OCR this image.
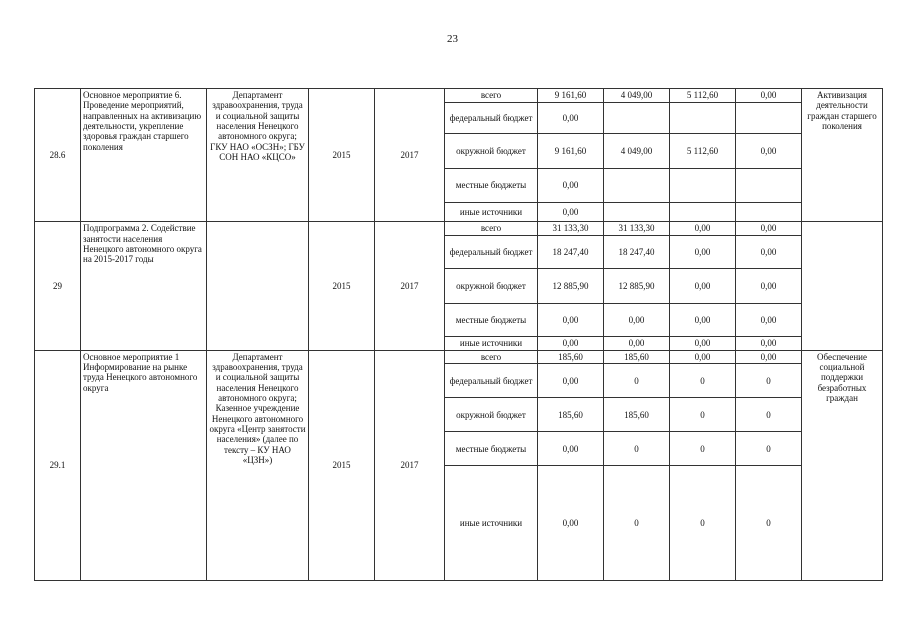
23
28.6	Основное мероприятие 6. Проведение мероприятий, направленных на активизацию деятельности, укрепление здоровья граждан старшего поколения	Департамент здравоохранения, труда и социальной защиты населения Ненецкого автономного округа; ГКУ НАО «ОСЗН»; ГБУ СОН НАО «КЦСО»	2015	2017	всего	9 161,60	4 049,00	5 112,60	0,00	Активизация деятельности граждан старшего поколения
					федеральный бюджет	0,00				
					окружной бюджет	9 161,60	4 049,00	5 112,60	0,00	
					местные бюджеты	0,00				
					иные источники	0,00				
29	Подпрограмма 2. Содействие занятости населения Ненецкого автономного округа на 2015-2017 годы		2015	2017	всего	31 133,30	31 133,30	0,00	0,00	
					федеральный бюджет	18 247,40	18 247,40	0,00	0,00	
					окружной бюджет	12 885,90	12 885,90	0,00	0,00	
					местные бюджеты	0,00	0,00	0,00	0,00	
					иные источники	0,00	0,00	0,00	0,00	
29.1	Основное мероприятие 1 Информирование на рынке труда Ненецкого автономного округа	Департамент здравоохранения, труда и социальной защиты населения Ненецкого автономного округа; Казенное учреждение Ненецкого автономного округа «Центр занятости населения» (далее по тексту – КУ НАО «ЦЗН»)	2015	2017	всего	185,60	185,60	0,00	0,00	Обеспечение социальной поддержки безработных граждан
					федеральный бюджет	0,00	0	0	0	
					окружной бюджет	185,60	185,60	0	0	
					местные бюджеты	0,00	0	0	0	
					иные источники	0,00	0	0	0	
